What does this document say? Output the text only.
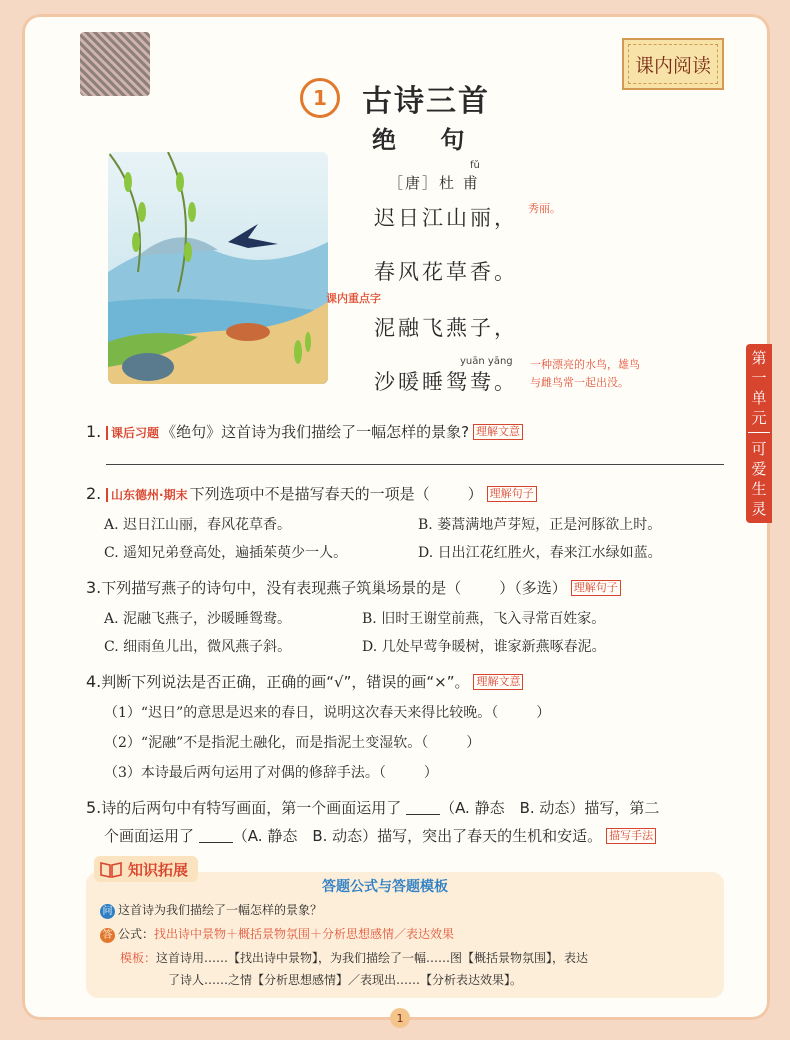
课内阅读
1	古诗三首
绝 句
fǔ
［唐］杜 甫
迟日江山丽，
春风花草香。
泥融飞燕子，
yuān yāng
沙暖睡鸳鸯。
秀丽。
课内重点字
一种漂亮的水鸟，雄鸟
与雌鸟常一起出没。
第
一
单
元
可
爱
生
灵
1. 课后习题 《绝句》这首诗为我们描绘了一幅怎样的景象? 理解文意
2. 山东德州·期末 下列选项中不是描写春天的一项是（	） 理解句子
A. 迟日江山丽，春风花草香。	B. 蒌蒿满地芦芽短，正是河豚欲上时。
C. 遥知兄弟登高处，遍插茱萸少一人。	D. 日出江花红胜火，春来江水绿如蓝。
3.下列描写燕子的诗句中，没有表现燕子筑巢场景的是（	）（多选） 理解句子
A. 泥融飞燕子，沙暖睡鸳鸯。	B. 旧时王谢堂前燕，飞入寻常百姓家。
C. 细雨鱼儿出，微风燕子斜。	D. 几处早莺争暖树，谁家新燕啄春泥。
4.判断下列说法是否正确，正确的画“√”，错误的画“×”。 理解文意
（1）“迟日”的意思是迟来的春日，说明这次春天来得比较晚。（	）
（2）“泥融”不是指泥土融化，而是指泥土变湿软。（	）
（3）本诗最后两句运用了对偶的修辞手法。（	）
5.诗的后两句中有特写画面，第一个画面运用了	（A. 静态　B. 动态）描写，第二
个画面运用了	（A. 静态　B. 动态）描写，突出了春天的生机和安适。 描写手法
知识拓展
答题公式与答题模板
问 这首诗为我们描绘了一幅怎样的景象？
答 公式：找出诗中景物＋概括景物氛围＋分析思想感情／表达效果
模板：这首诗用……【找出诗中景物】，为我们描绘了一幅……图【概括景物氛围】，表达
了诗人……之情【分析思想感情】／表现出……【分析表达效果】。
1
